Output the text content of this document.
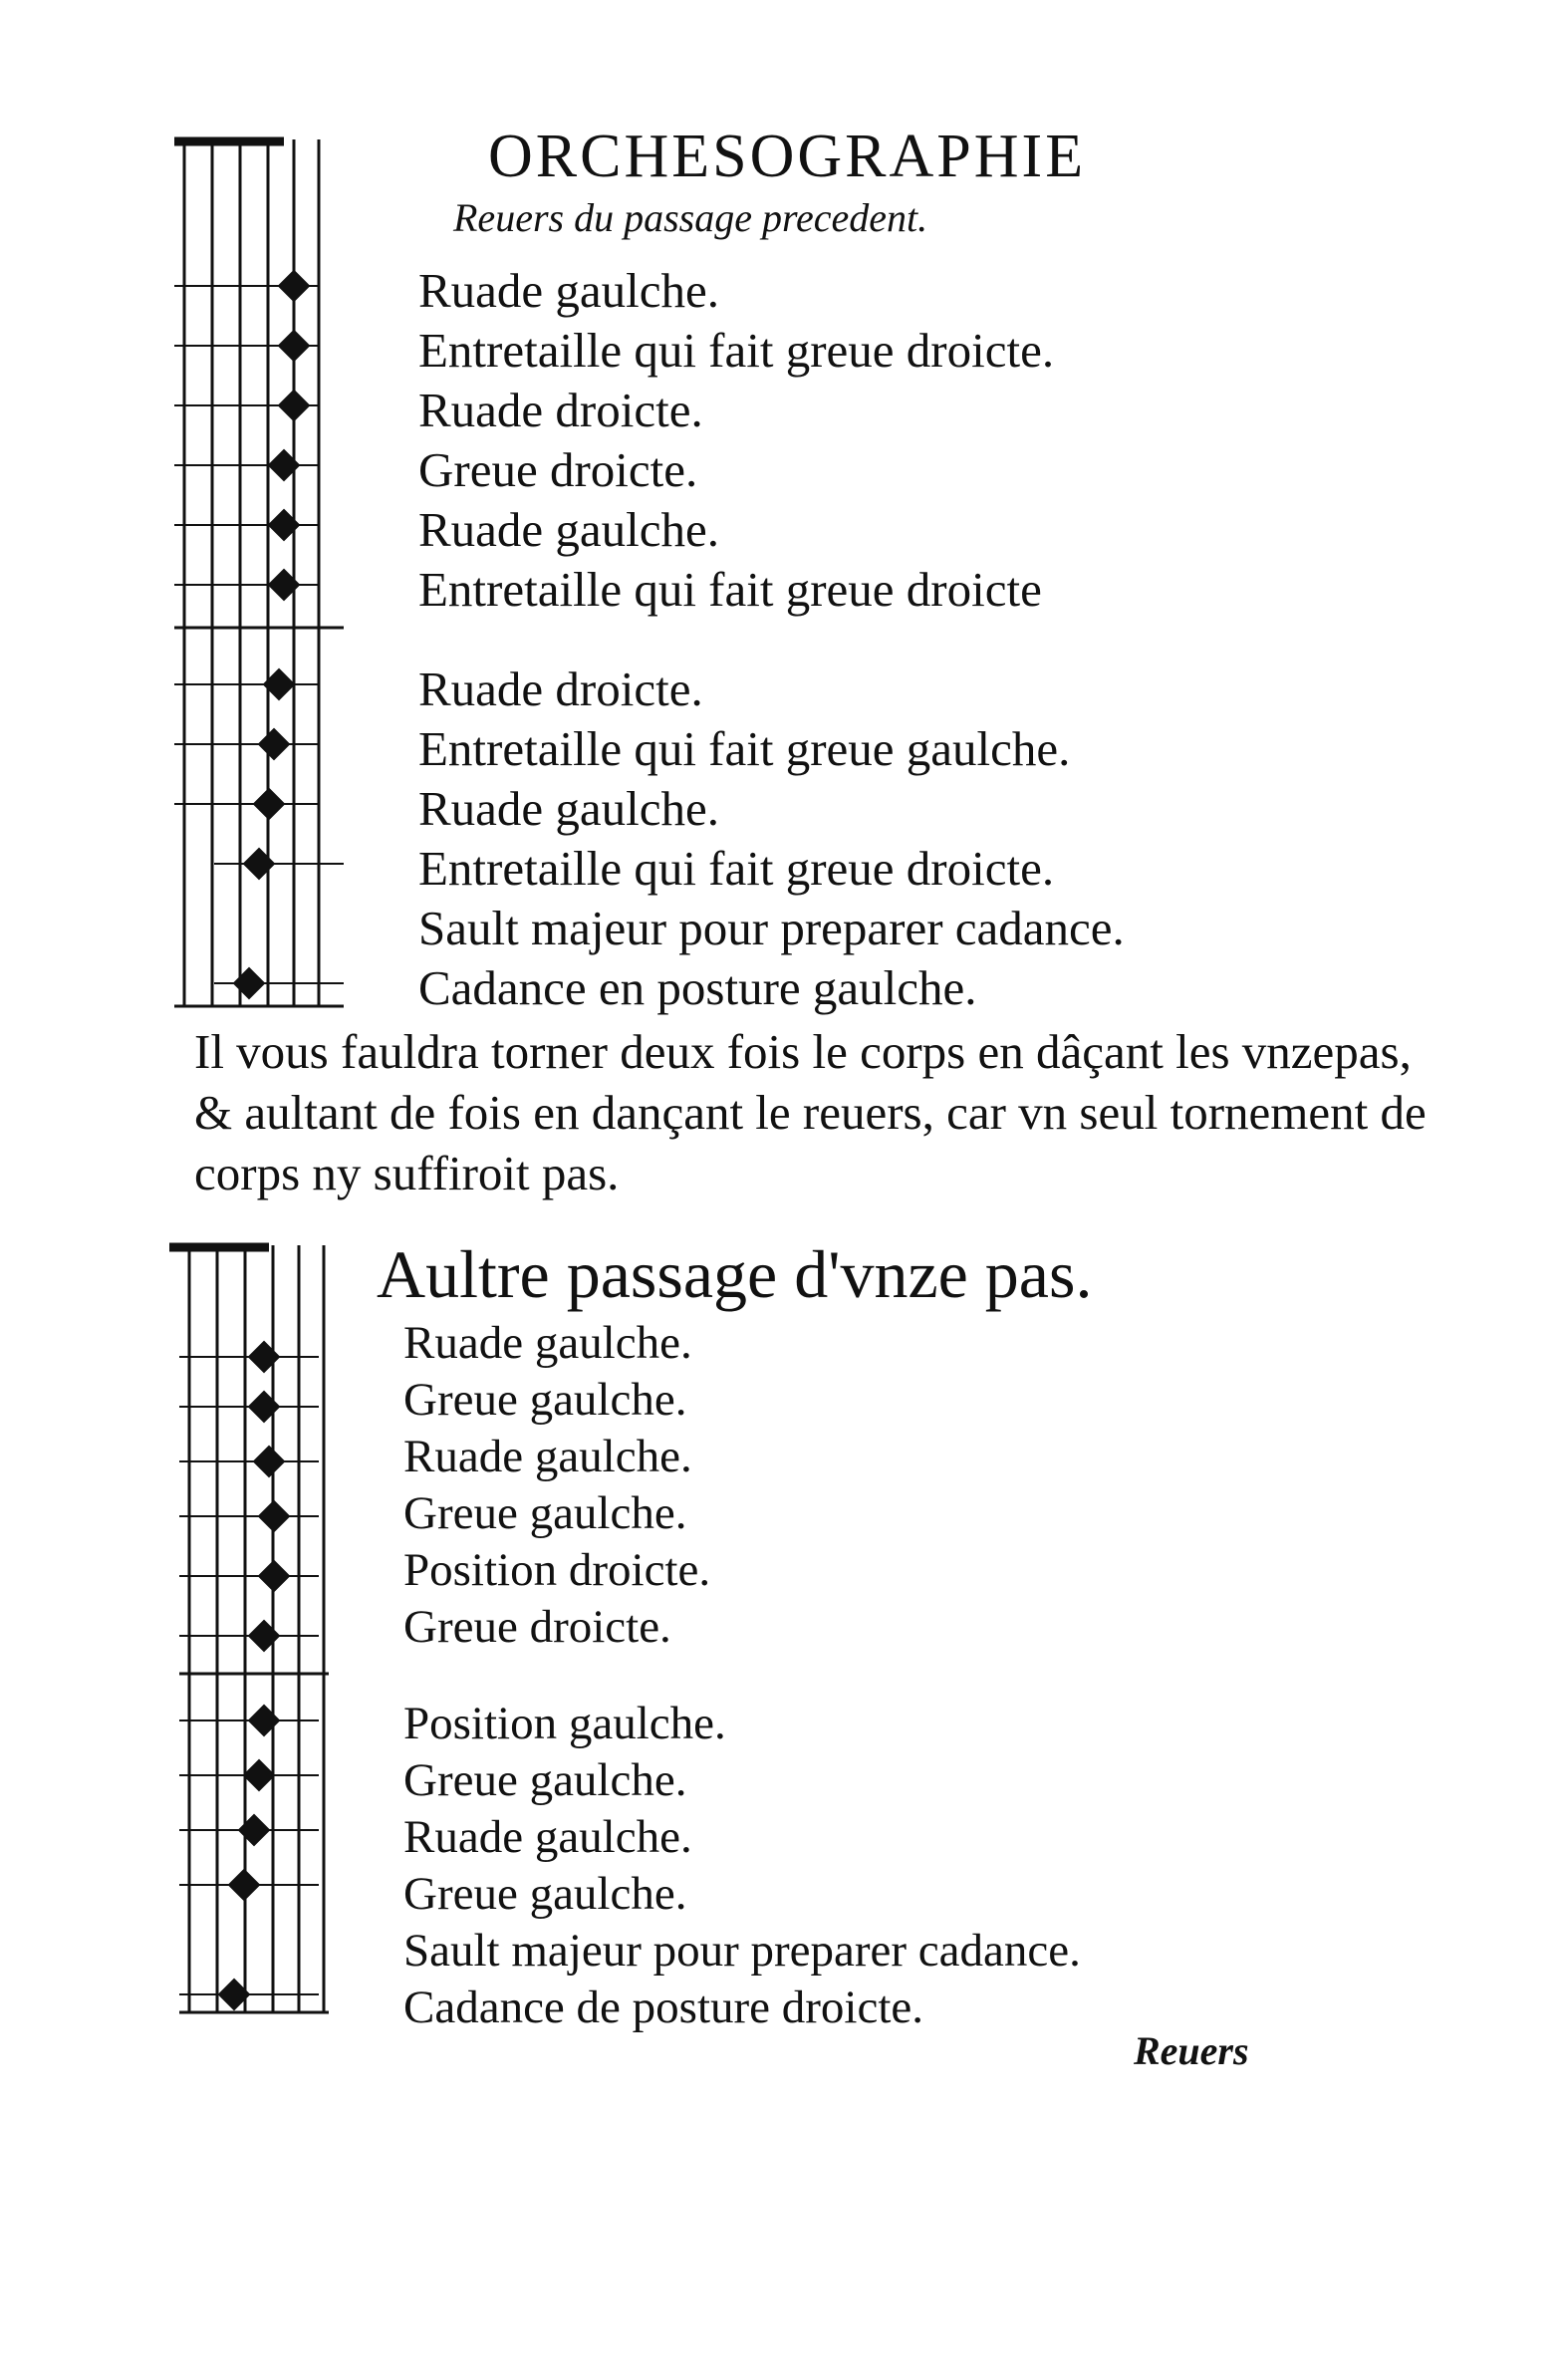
ORCHESOGRAPHIE
Reuers du passage precedent.
Ruade gaulche.
Entretaille qui fait greue droicte.
Ruade droicte.
Greue droicte.
Ruade gaulche.
Entretaille qui fait greue droicte
Ruade droicte.
Entretaille qui fait greue gaulche.
Ruade gaulche.
Entretaille qui fait greue droicte.
Sault majeur pour preparer cadance.
Cadance en posture gaulche.
Il vous fauldra torner deux fois le corps en dâçant les vnzepas, & aultant de fois en dançant le reuers, car vn seul tornement de corps ny suffiroit pas.
Aultre passage d'vnze pas.
Ruade gaulche.
Greue gaulche.
Ruade gaulche.
Greue gaulche.
Position droicte.
Greue droicte.
Position gaulche.
Greue gaulche.
Ruade gaulche.
Greue gaulche.
Sault majeur pour preparer cadance.
Cadance de posture droicte.
Reuers
